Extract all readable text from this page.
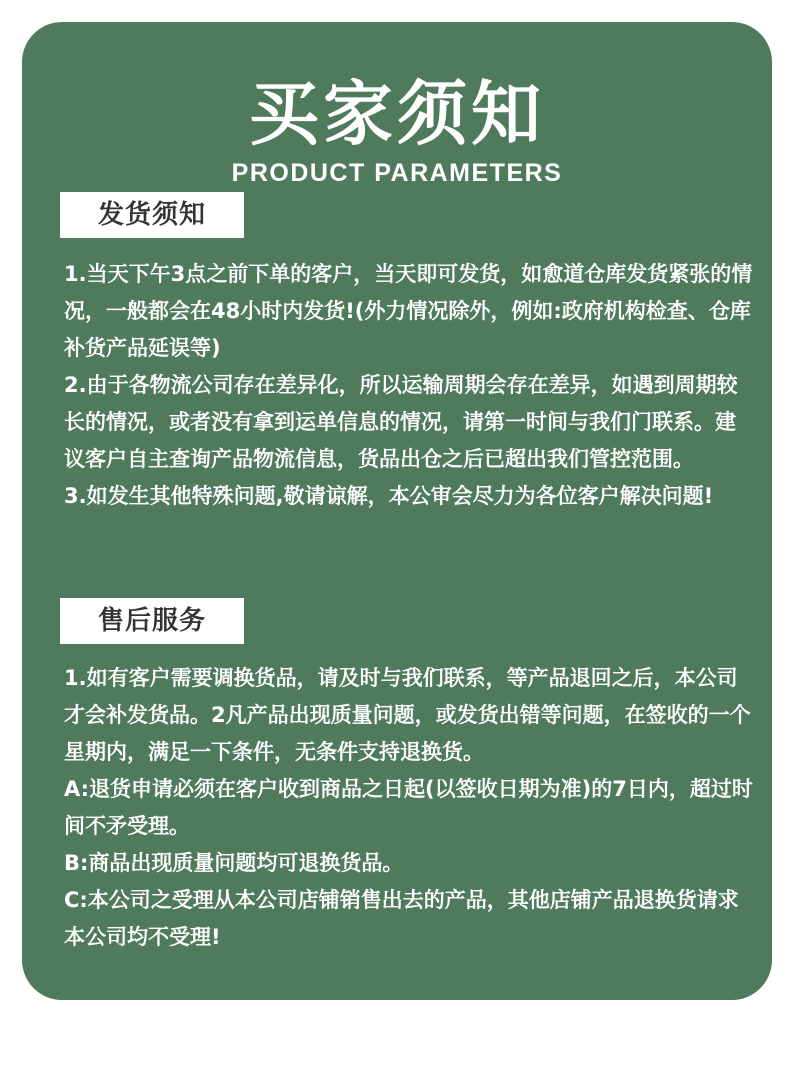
买家须知
PRODUCT PARAMETERS
发货须知

1.当天下午3点之前下单的客户，当天即可发货，如愈道仓库发货紧张的情况，一般都会在48小时内发货!(外力情况除外，例如:政府机构检查、仓库补货产品延误等)

2.由于各物流公司存在差异化，所以运输周期会存在差异，如遇到周期较长的情况，或者没有拿到运单信息的情况，请第一时间与我们门联系。建议客户自主查询产品物流信息，货品出仓之后已超出我们管控范围。

3.如发生其他特殊问题,敬请谅解，本公审会尽力为各位客户解决问题!

售后服务

1.如有客户需要调换货品，请及时与我们联系，等产品退回之后，本公司才会补发货品。2凡产品出现质量问题，或发货出错等问题，在签收的一个星期内，满足一下条件，无条件支持退换货。

A:退货申请必须在客户收到商品之日起(以签收日期为准)的7日内，超过时间不矛受理。

B:商品出现质量问题均可退换货品。

C:本公司之受理从本公司店铺销售出去的产品，其他店铺产品退换货请求本公司均不受理!
